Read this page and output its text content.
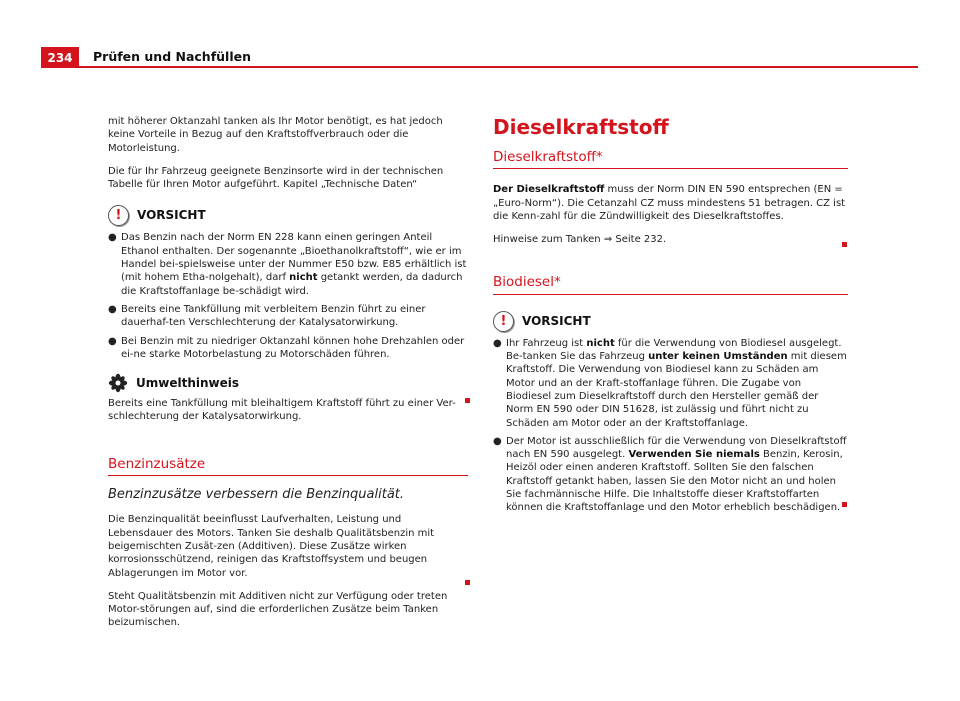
234	Prüfen und Nachfüllen

mit höherer Oktanzahl tanken als Ihr Motor benötigt, es hat jedoch keine Vorteile in Bezug auf den Kraftstoffverbrauch oder die Motorleistung.

Die für Ihr Fahrzeug geeignete Benzinsorte wird in der technischen Tabelle für Ihren Motor aufgeführt. Kapitel „Technische Daten“

!	VORSICHT
● Das Benzin nach der Norm EN 228 kann einen geringen Anteil Ethanol enthalten. Der sogenannte „Bioethanolkraftstoff“, wie er im Handel bei-spielsweise unter der Nummer E50 bzw. E85 erhältlich ist (mit hohem Etha-nolgehalt), darf nicht getankt werden, da dadurch die Kraftstoffanlage be-schädigt wird.

● Bereits eine Tankfüllung mit verbleitem Benzin führt zu einer dauerhaf-ten Verschlechterung der Katalysatorwirkung.

● Bei Benzin mit zu niedriger Oktanzahl können hohe Drehzahlen oder ei-ne starke Motorbelastung zu Motorschäden führen.

Umwelthinweis

Bereits eine Tankfüllung mit bleihaltigem Kraftstoff führt zu einer Ver-schlechterung der Katalysatorwirkung.

Benzinzusätze
Benzinzusätze verbessern die Benzinqualität.

Die Benzinqualität beeinflusst Laufverhalten, Leistung und Lebensdauer des Motors. Tanken Sie deshalb Qualitätsbenzin mit beigemischten Zusät-zen (Additiven). Diese Zusätze wirken korrosionsschützend, reinigen das Kraftstoffsystem und beugen Ablagerungen im Motor vor.

Steht Qualitätsbenzin mit Additiven nicht zur Verfügung oder treten Motor-störungen auf, sind die erforderlichen Zusätze beim Tanken beizumischen.

Dieselkraftstoff
Dieselkraftstoff*

Der Dieselkraftstoff muss der Norm DIN EN 590 entsprechen (EN = „Euro-Norm“). Die Cetanzahl CZ muss mindestens 51 betragen. CZ ist die Kenn-zahl für die Zündwilligkeit des Dieselkraftstoffes.

Hinweise zum Tanken ⇒ Seite 232.

Biodiesel*
!	VORSICHT
● Ihr Fahrzeug ist nicht für die Verwendung von Biodiesel ausgelegt. Be-tanken Sie das Fahrzeug unter keinen Umständen mit diesem Kraftstoff. Die Verwendung von Biodiesel kann zu Schäden am Motor und an der Kraft-stoffanlage führen. Die Zugabe von Biodiesel zum Dieselkraftstoff durch den Hersteller gemäß der Norm EN 590 oder DIN 51628, ist zulässig und führt nicht zu Schäden am Motor oder an der Kraftstoffanlage.

● Der Motor ist ausschließlich für die Verwendung von Dieselkraftstoff nach EN 590 ausgelegt. Verwenden Sie niemals Benzin, Kerosin, Heizöl oder einen anderen Kraftstoff. Sollten Sie den falschen Kraftstoff getankt haben, lassen Sie den Motor nicht an und holen Sie fachmännische Hilfe. Die Inhaltstoffe dieser Kraftstoffarten können die Kraftstoffanlage und den Motor erheblich beschädigen.
